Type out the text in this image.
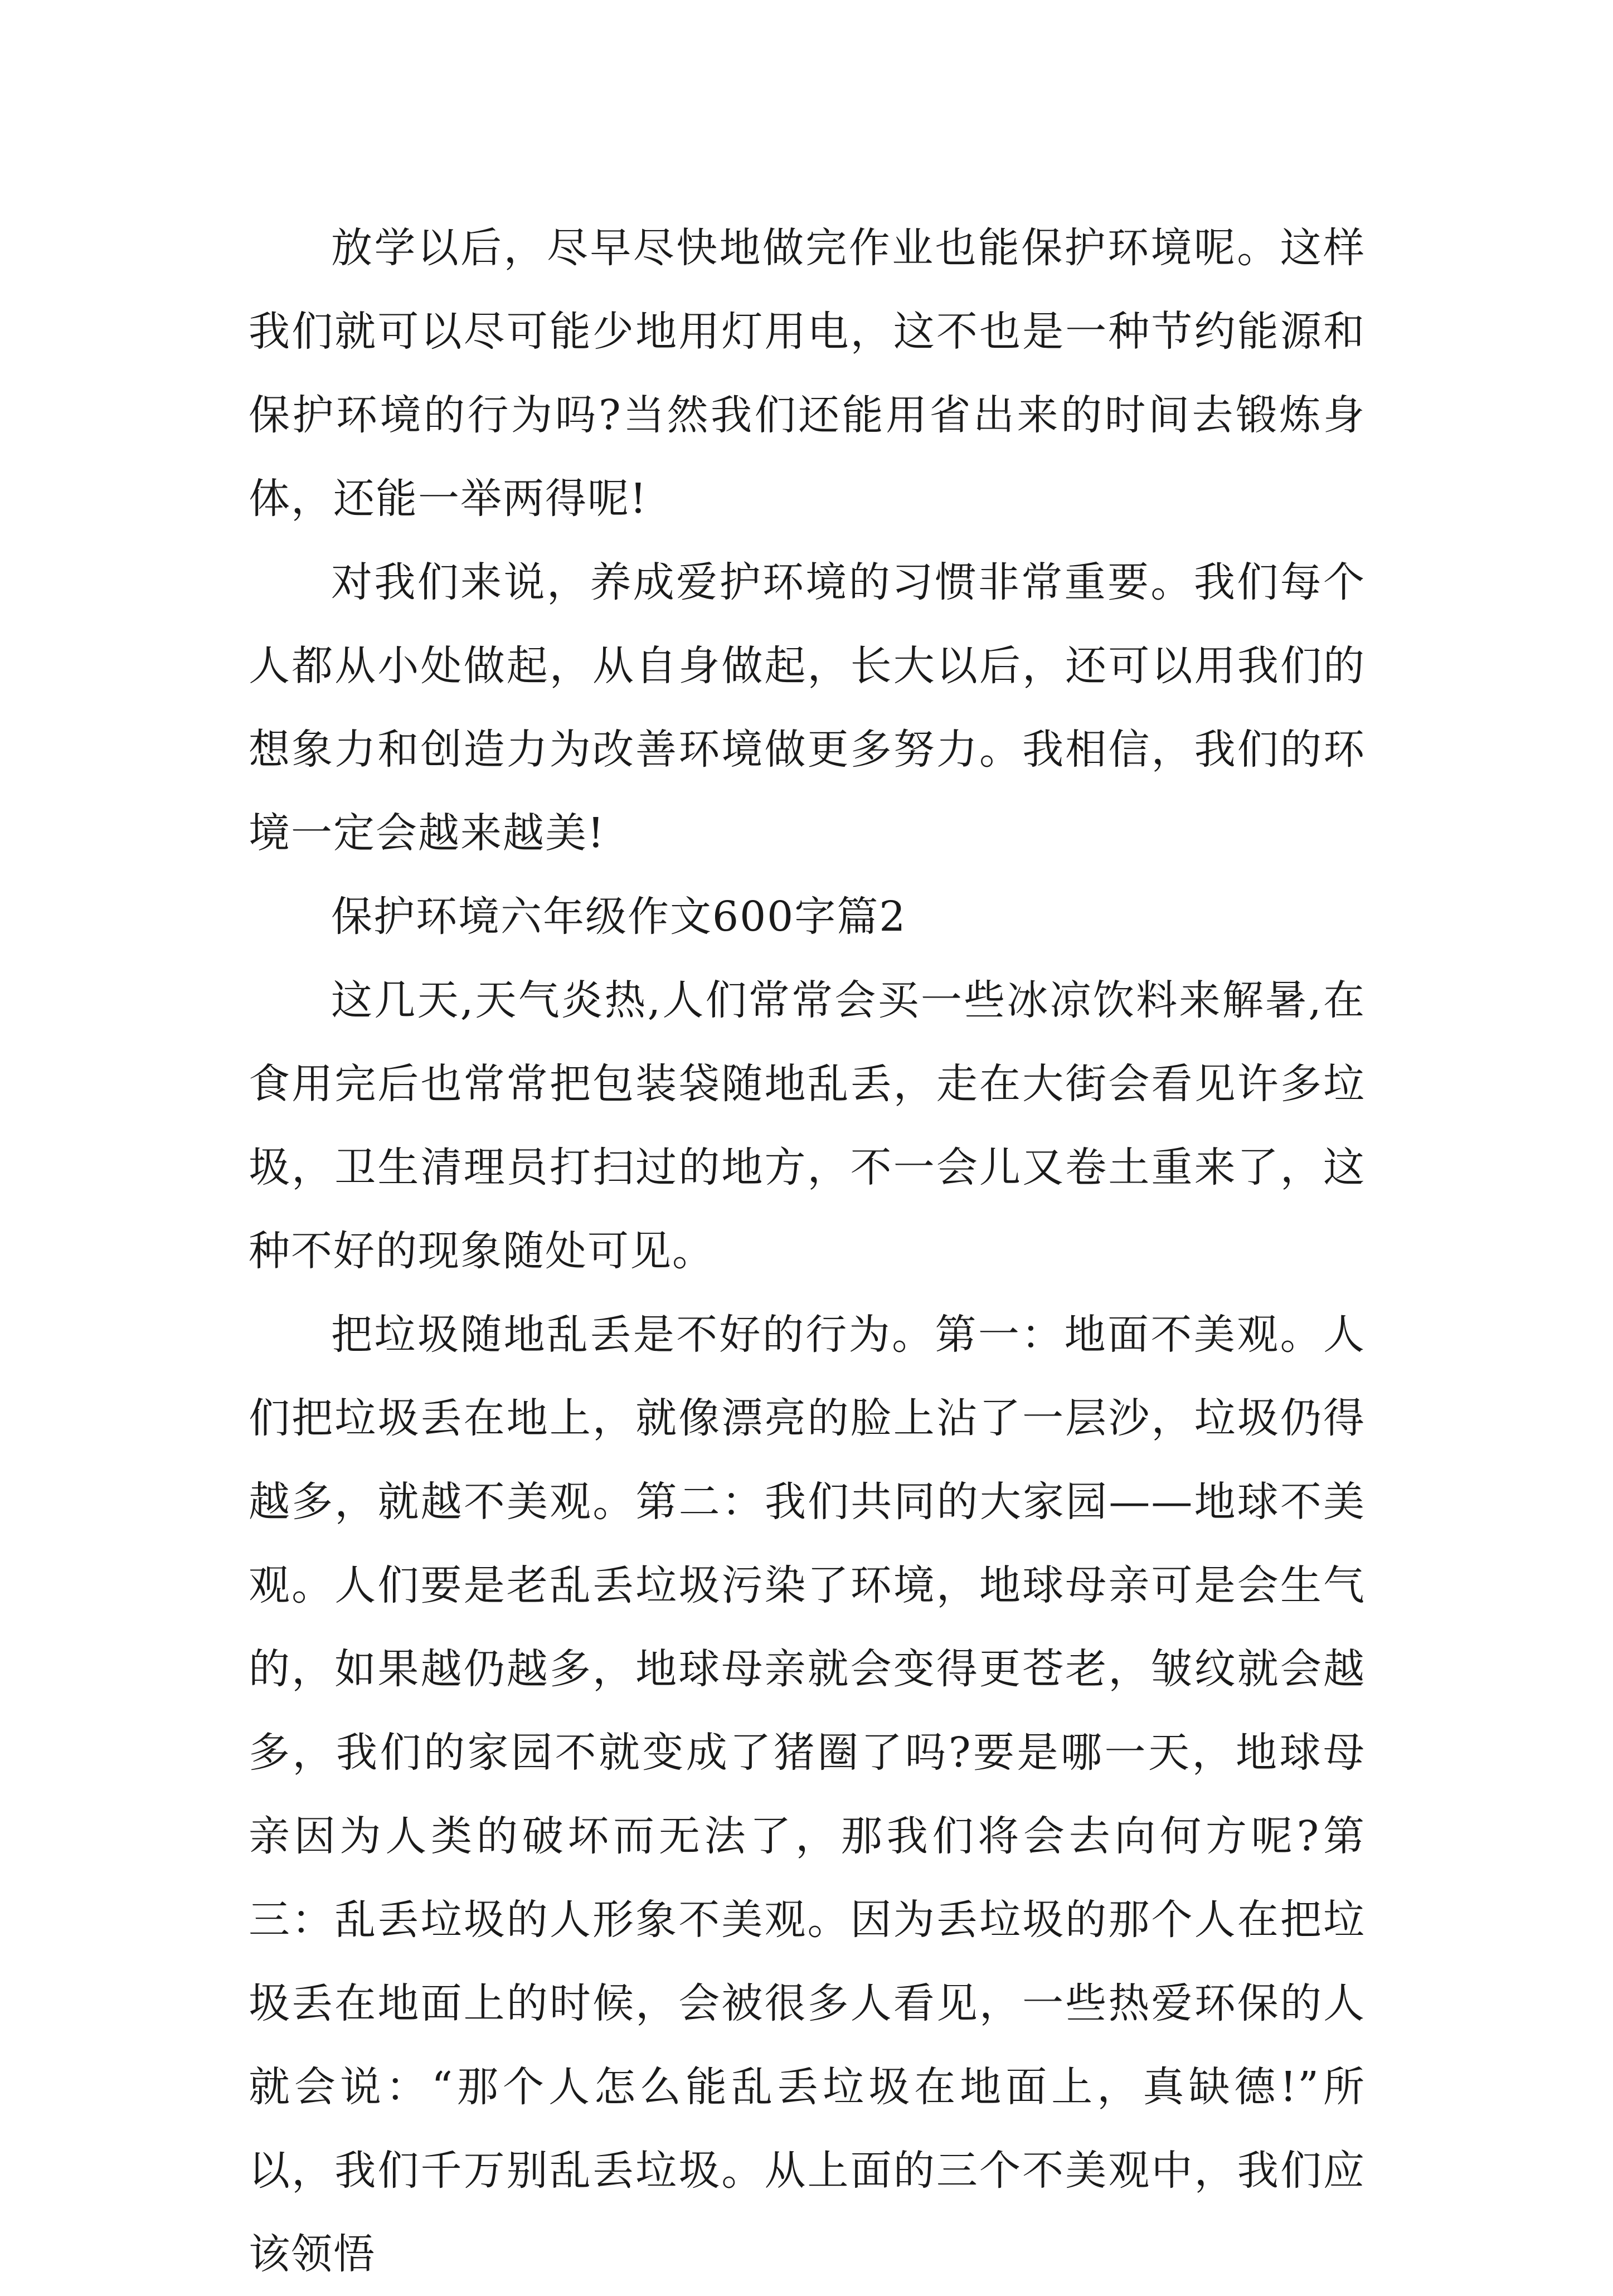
放学以后，尽早尽快地做完作业也能保护环境呢。这样我们就可以尽可能少地用灯用电，这不也是一种节约能源和保护环境的行为吗?当然我们还能用省出来的时间去锻炼身体，还能一举两得呢!

对我们来说，养成爱护环境的习惯非常重要。我们每个人都从小处做起，从自身做起，长大以后，还可以用我们的想象力和创造力为改善环境做更多努力。我相信，我们的环境一定会越来越美!

保护环境六年级作文600字篇2

这几天,天气炎热,人们常常会买一些冰凉饮料来解暑,在食用完后也常常把包装袋随地乱丢，走在大街会看见许多垃圾，卫生清理员打扫过的地方，不一会儿又卷土重来了，这种不好的现象随处可见。

把垃圾随地乱丢是不好的行为。第一：地面不美观。人们把垃圾丢在地上，就像漂亮的脸上沾了一层沙，垃圾仍得越多，就越不美观。第二：我们共同的大家园——地球不美观。人们要是老乱丢垃圾污染了环境，地球母亲可是会生气的，如果越仍越多，地球母亲就会变得更苍老，皱纹就会越多，我们的家园不就变成了猪圈了吗?要是哪一天，地球母亲因为人类的破坏而无法了，那我们将会去向何方呢?第三：乱丢垃圾的人形象不美观。因为丢垃圾的那个人在把垃圾丢在地面上的时候，会被很多人看见，一些热爱环保的人就会说：“那个人怎么能乱丢垃圾在地面上，真缺德!”所以，我们千万别乱丢垃圾。从上面的三个不美观中，我们应该领悟
